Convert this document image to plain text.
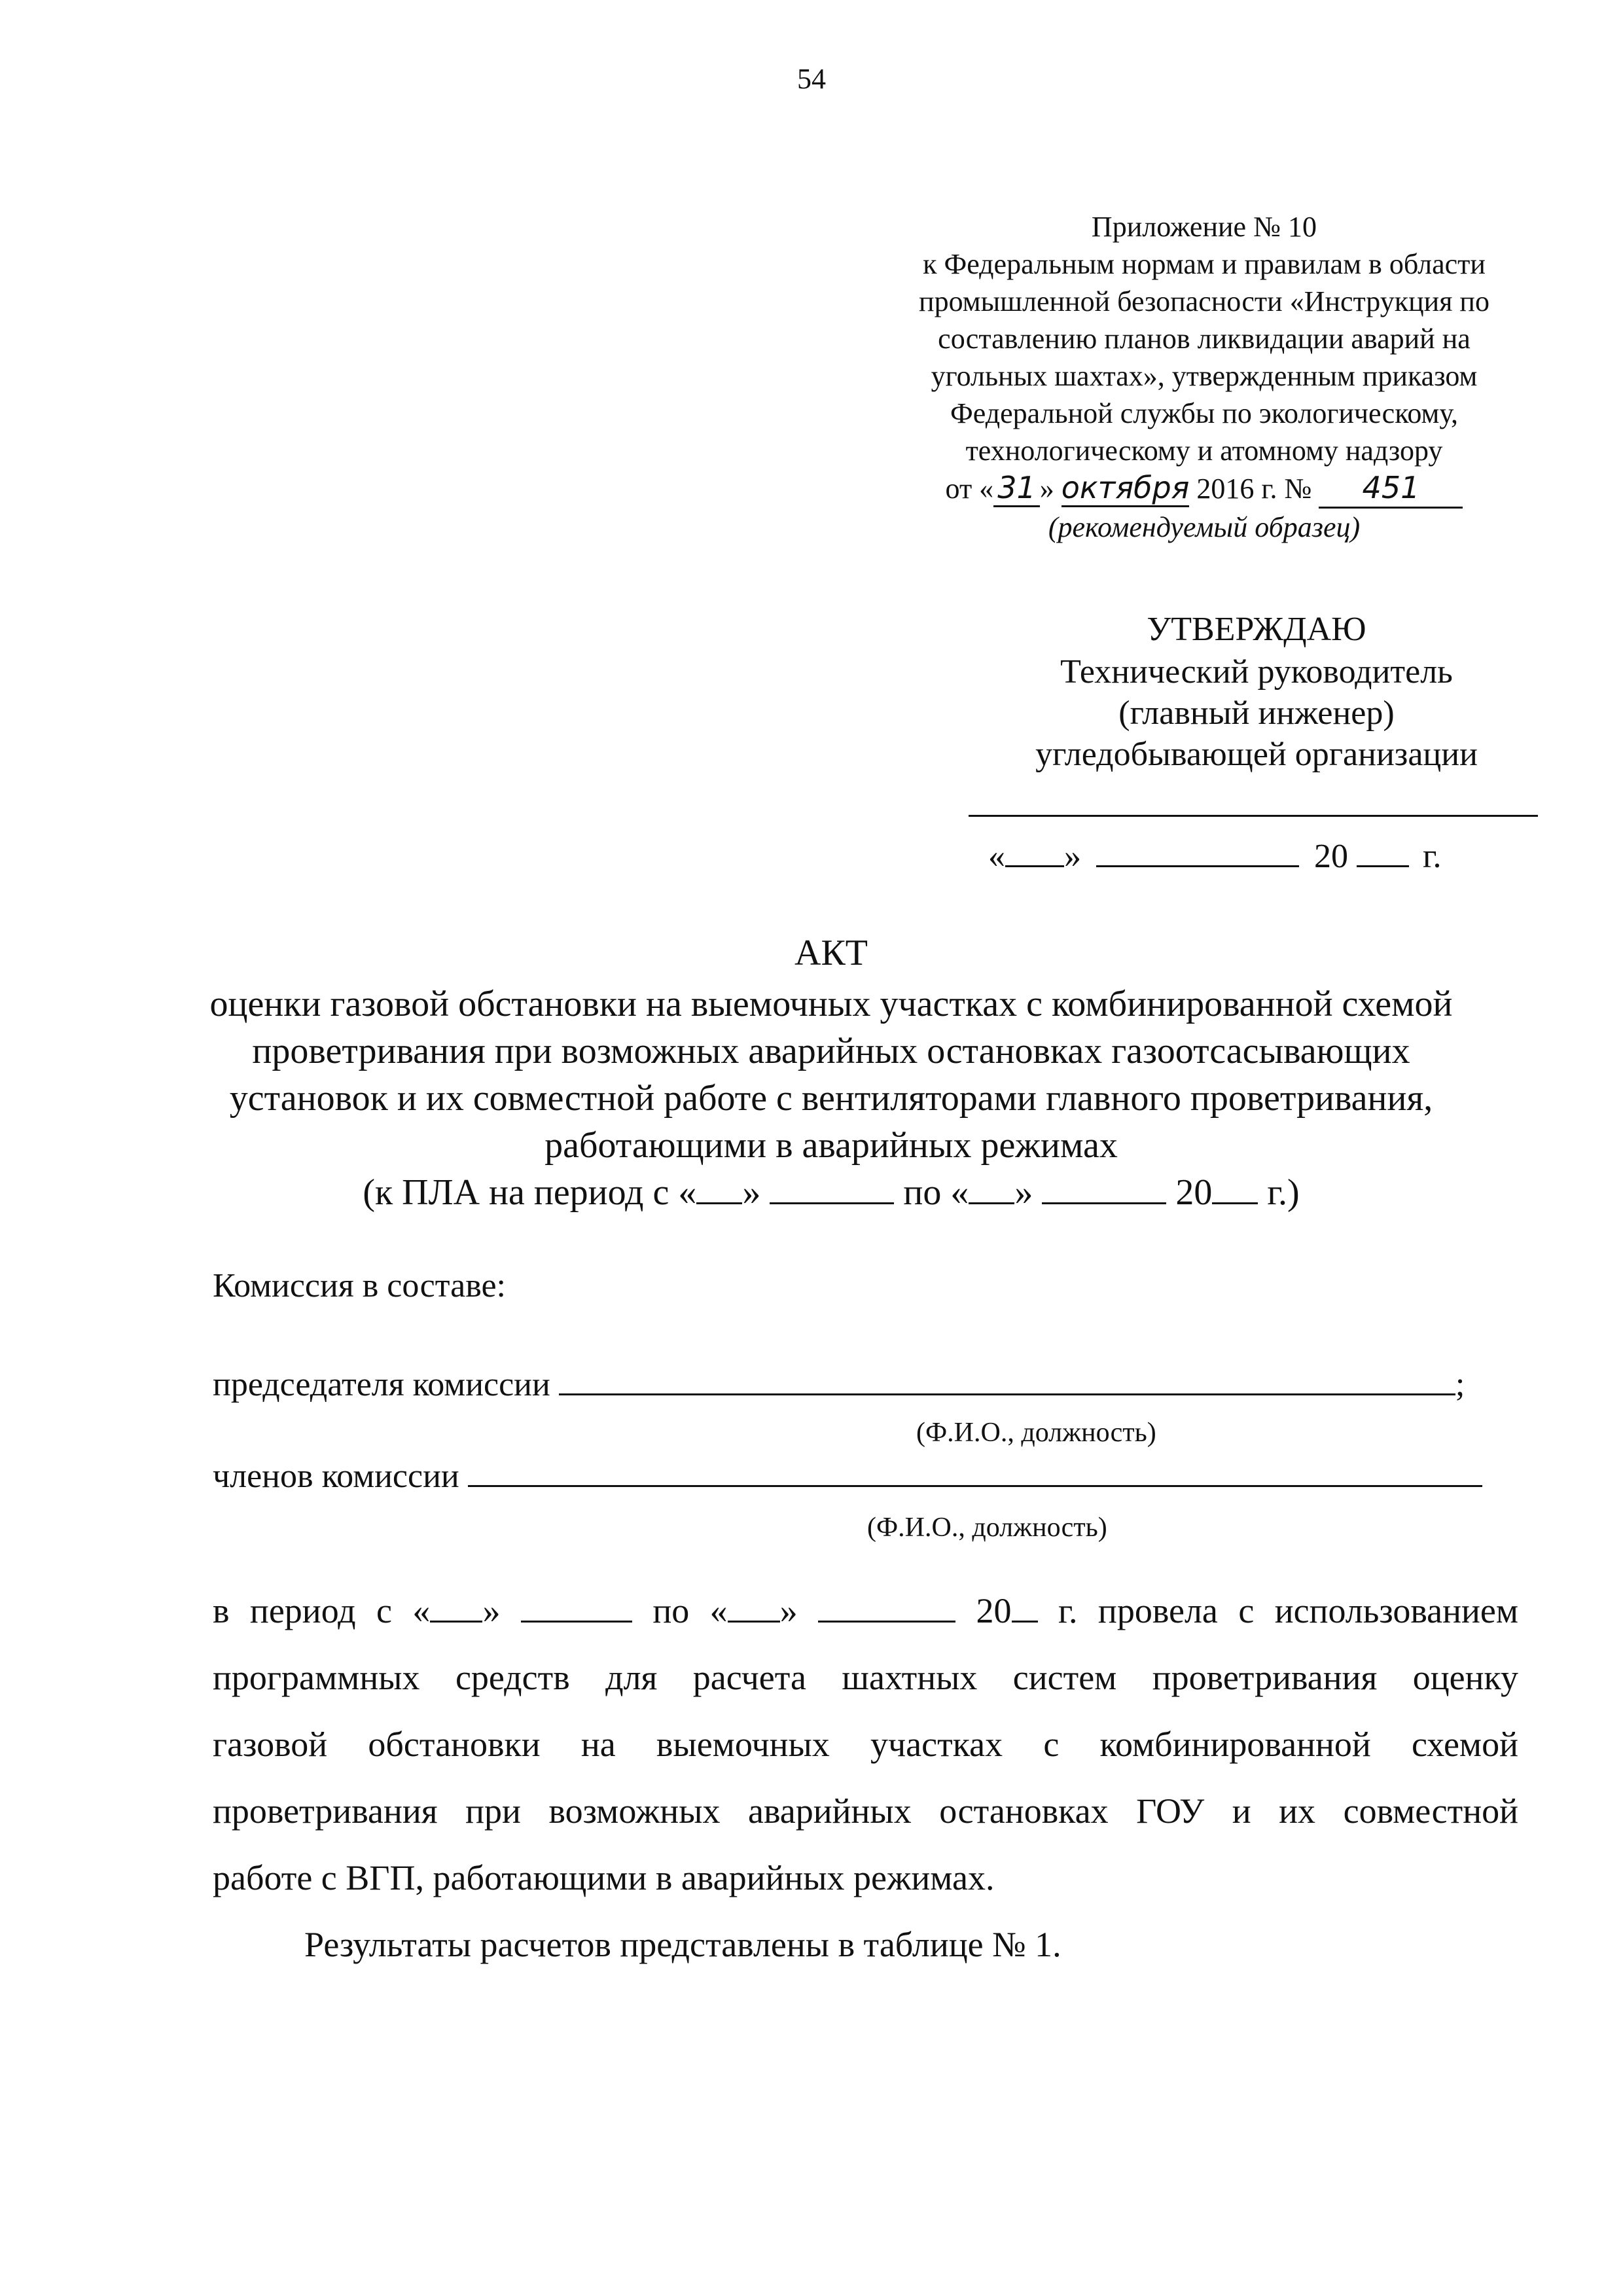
54
Приложение № 10
к Федеральным нормам и правилам в области
промышленной безопасности «Инструкция по
составлению планов ликвидации аварий на
угольных шахтах», утвержденным приказом
Федеральной службы по экологическому,
технологическому и атомному надзору
от « 31 » октября 2016 г. № 451
(рекомендуемый образец)
УТВЕРЖДАЮ
Технический руководитель
(главный инженер)
угледобывающей организации
« »	20 г.
АКТ
оценки газовой обстановки на выемочных участках с комбинированной схемой
проветривания при возможных аварийных остановках газоотсасывающих
установок и их совместной работе с вентиляторами главного проветривания,
работающими в аварийных режимах
(к ПЛА на период с « »	по « »	20 г.)
Комиссия в составе:
председателя комиссии	;
(Ф.И.О., должность)
членов комиссии
(Ф.И.О., должность)
в период с « »	по « »	20 г. провела с использованием
программных средств для расчета шахтных систем проветривания оценку
газовой обстановки на выемочных участках с комбинированной схемой
проветривания при возможных аварийных остановках ГОУ и их совместной
работе с ВГП, работающими в аварийных режимах.
Результаты расчетов представлены в таблице № 1.
